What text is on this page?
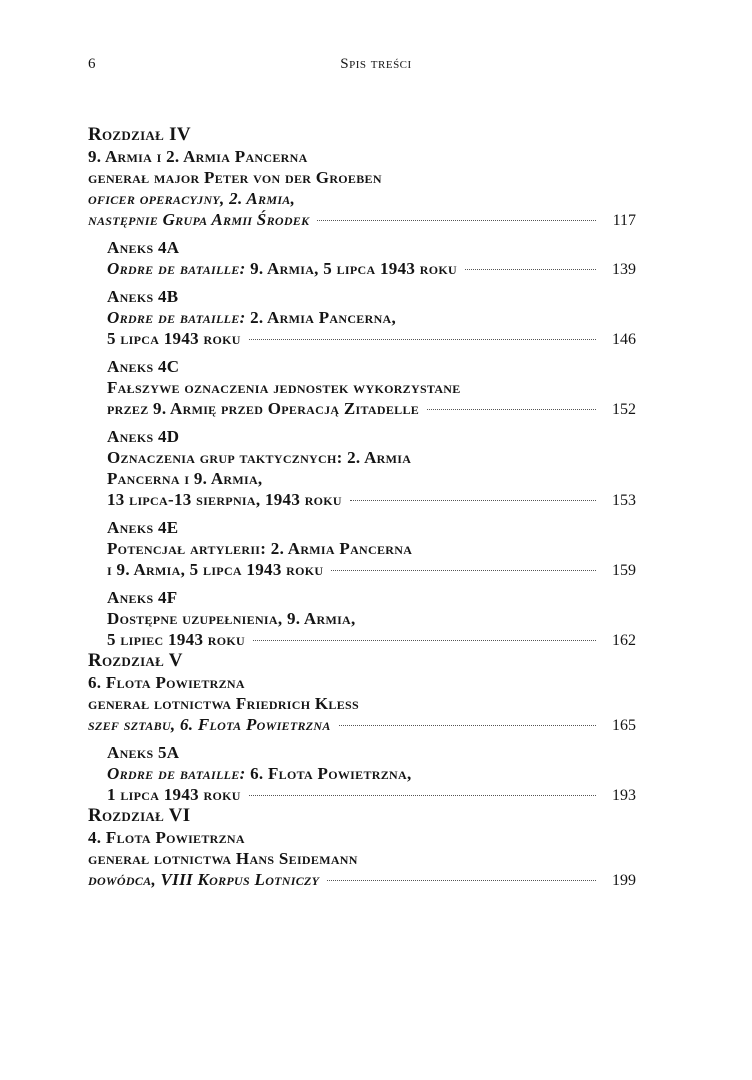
6	Spis treści
Rozdział IV
9. Armia i 2. Armia Pancerna
generał major Peter von der Groeben
oficer operacyjny, 2. Armia,
następnie Grupa Armii Środek	117
Aneks 4A
Ordre de bataille: 9. Armia, 5 lipca 1943 roku	139
Aneks 4B
Ordre de bataille: 2. Armia Pancerna,
5 lipca 1943 roku	146
Aneks 4C
Fałszywe oznaczenia jednostek wykorzystane
przez 9. Armię przed Operacją Zitadelle	152
Aneks 4D
Oznaczenia grup taktycznych: 2. Armia
Pancerna i 9. Armia,
13 lipca-13 sierpnia, 1943 roku	153
Aneks 4E
Potencjał artylerii: 2. Armia Pancerna
i 9. Armia, 5 lipca 1943 roku	159
Aneks 4F
Dostępne uzupełnienia, 9. Armia,
5 lipiec 1943 roku	162
Rozdział V
6. Flota Powietrzna
generał lotnictwa Friedrich Kless
szef sztabu, 6. Flota Powietrzna	165
Aneks 5A
Ordre de bataille: 6. Flota Powietrzna,
1 lipca 1943 roku	193
Rozdział VI
4. Flota Powietrzna
generał lotnictwa Hans Seidemann
dowódca, VIII Korpus Lotniczy	199
